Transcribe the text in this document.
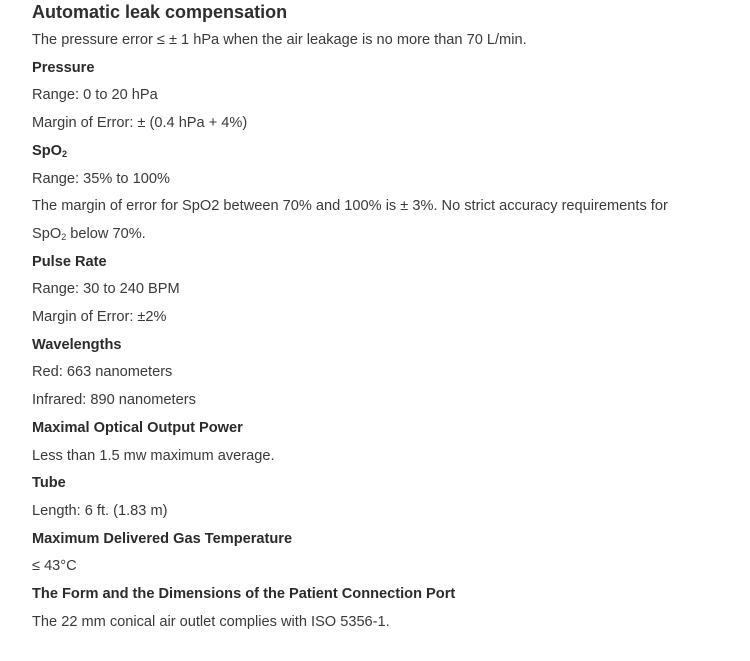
Automatic leak compensation
The pressure error ≤ ± 1 hPa when the air leakage is no more than 70 L/min.
Pressure
Range: 0 to 20 hPa
Margin of Error: ± (0.4 hPa + 4%)
SpO$_2$
Range: 35% to 100%
The margin of error for SpO2 between 70% and 100% is ± 3%. No strict accuracy requirements for
SpO$_2$ below 70%.
Pulse Rate
Range: 30 to 240 BPM
Margin of Error: ±2%
Wavelengths
Red: 663 nanometers
Infrared: 890 nanometers
Maximal Optical Output Power
Less than 1.5 mw maximum average.
Tube
Length: 6 ft. (1.83 m)
Maximum Delivered Gas Temperature
≤ 43°C
The Form and the Dimensions of the Patient Connection Port
The 22 mm conical air outlet complies with ISO 5356-1.
